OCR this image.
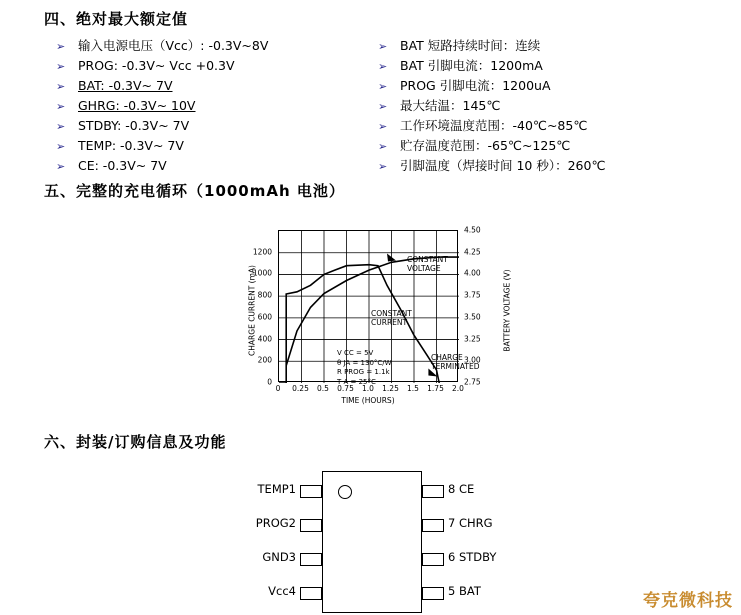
四、绝对最大额定值
➢	输入电源电压（Vcc）: -0.3V~8V
➢	PROG: -0.3V~ Vcc +0.3V
➢	BAT: -0.3V~ 7V
➢	GHRG: -0.3V~ 10V
➢	STDBY: -0.3V~ 7V
➢	TEMP: -0.3V~ 7V
➢	CE: -0.3V~ 7V
➢	BAT 短路持续时间：连续
➢	BAT 引脚电流：1200mA
➢	PROG 引脚电流：1200uA
➢	最大结温：145℃
➢	工作环境温度范围：-40℃~85℃
➢	贮存温度范围：-65℃~125℃
➢	引脚温度（焊接时间 10 秒）：260℃
五、完整的充电循环（1000mAh 电池）
CONSTANT
VOLTAGE
CONSTANT
CURRENT
CHARGE
TERMINATED
V CC = 5V
θ JA = 130°C/W
R PROG = 1.1k
T A = 25°C
0 0.25 0.5 0.75 1.0 1.25 1.5 1.75 2.0
0
200
400
600
800
1000
1200
2.75
3.00
3.25
3.50
3.75
4.00
4.25
4.50
CHARGE CURRENT (mA)	BATTERY VOLTAGE (V)
TIME (HOURS)
六、封装/订购信息及功能
TEMP1
PROG2
GND3
Vcc4
8 CE
7 CHRG
6 STDBY
5 BAT	夸克微科技
